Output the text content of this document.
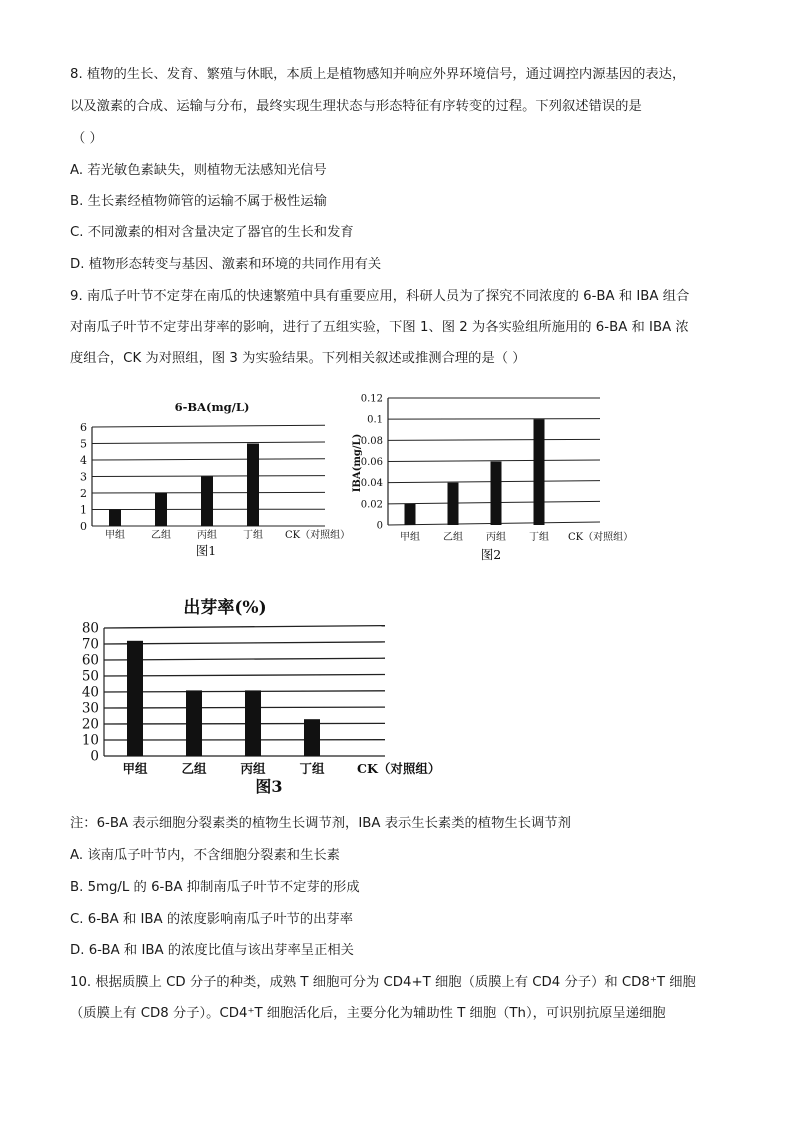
8. 植物的生长、发育、繁殖与休眠，本质上是植物感知并响应外界环境信号，通过调控内源基因的表达，
以及激素的合成、运输与分布，最终实现生理状态与形态特征有序转变的过程。下列叙述错误的是
（ ）
A. 若光敏色素缺失，则植物无法感知光信号
B. 生长素经植物筛管的运输不属于极性运输
C. 不同激素的相对含量决定了器官的生长和发育
D. 植物形态转变与基因、激素和环境的共同作用有关
9. 南瓜子叶节不定芽在南瓜的快速繁殖中具有重要应用，科研人员为了探究不同浓度的 6-BA 和 IBA 组合
对南瓜子叶节不定芽出芽率的影响，进行了五组实验，下图 1、图 2 为各实验组所施用的 6-BA 和 IBA 浓
度组合，CK 为对照组，图 3 为实验结果。下列相关叙述或推测合理的是（ ）
0
1
2
3
4
5
6
甲组	乙组	丙组	丁组 CK（对照组）
6-BA(mg/L)
图1
0
0.02
0.04
0.06
0.08
0.1
0.12
甲组 乙组 丙组 丁组 CK（对照组）
IBA(mg/L)
图2
0
10
20
30
40
50
60
70
80
甲组	乙组	丙组	丁组	CK（对照组）
出芽率(%)
图3
注：6-BA 表示细胞分裂素类的植物生长调节剂，IBA 表示生长素类的植物生长调节剂
A. 该南瓜子叶节内，不含细胞分裂素和生长素
B. 5mg/L 的 6-BA 抑制南瓜子叶节不定芽的形成
C. 6-BA 和 IBA 的浓度影响南瓜子叶节的出芽率
D. 6-BA 和 IBA 的浓度比值与该出芽率呈正相关
10. 根据质膜上 CD 分子的种类，成熟 T 细胞可分为 CD4+T 细胞（质膜上有 CD4 分子）和 CD8⁺T 细胞
（质膜上有 CD8 分子）。CD4⁺T 细胞活化后，主要分化为辅助性 T 细胞（Th），可识别抗原呈递细胞
